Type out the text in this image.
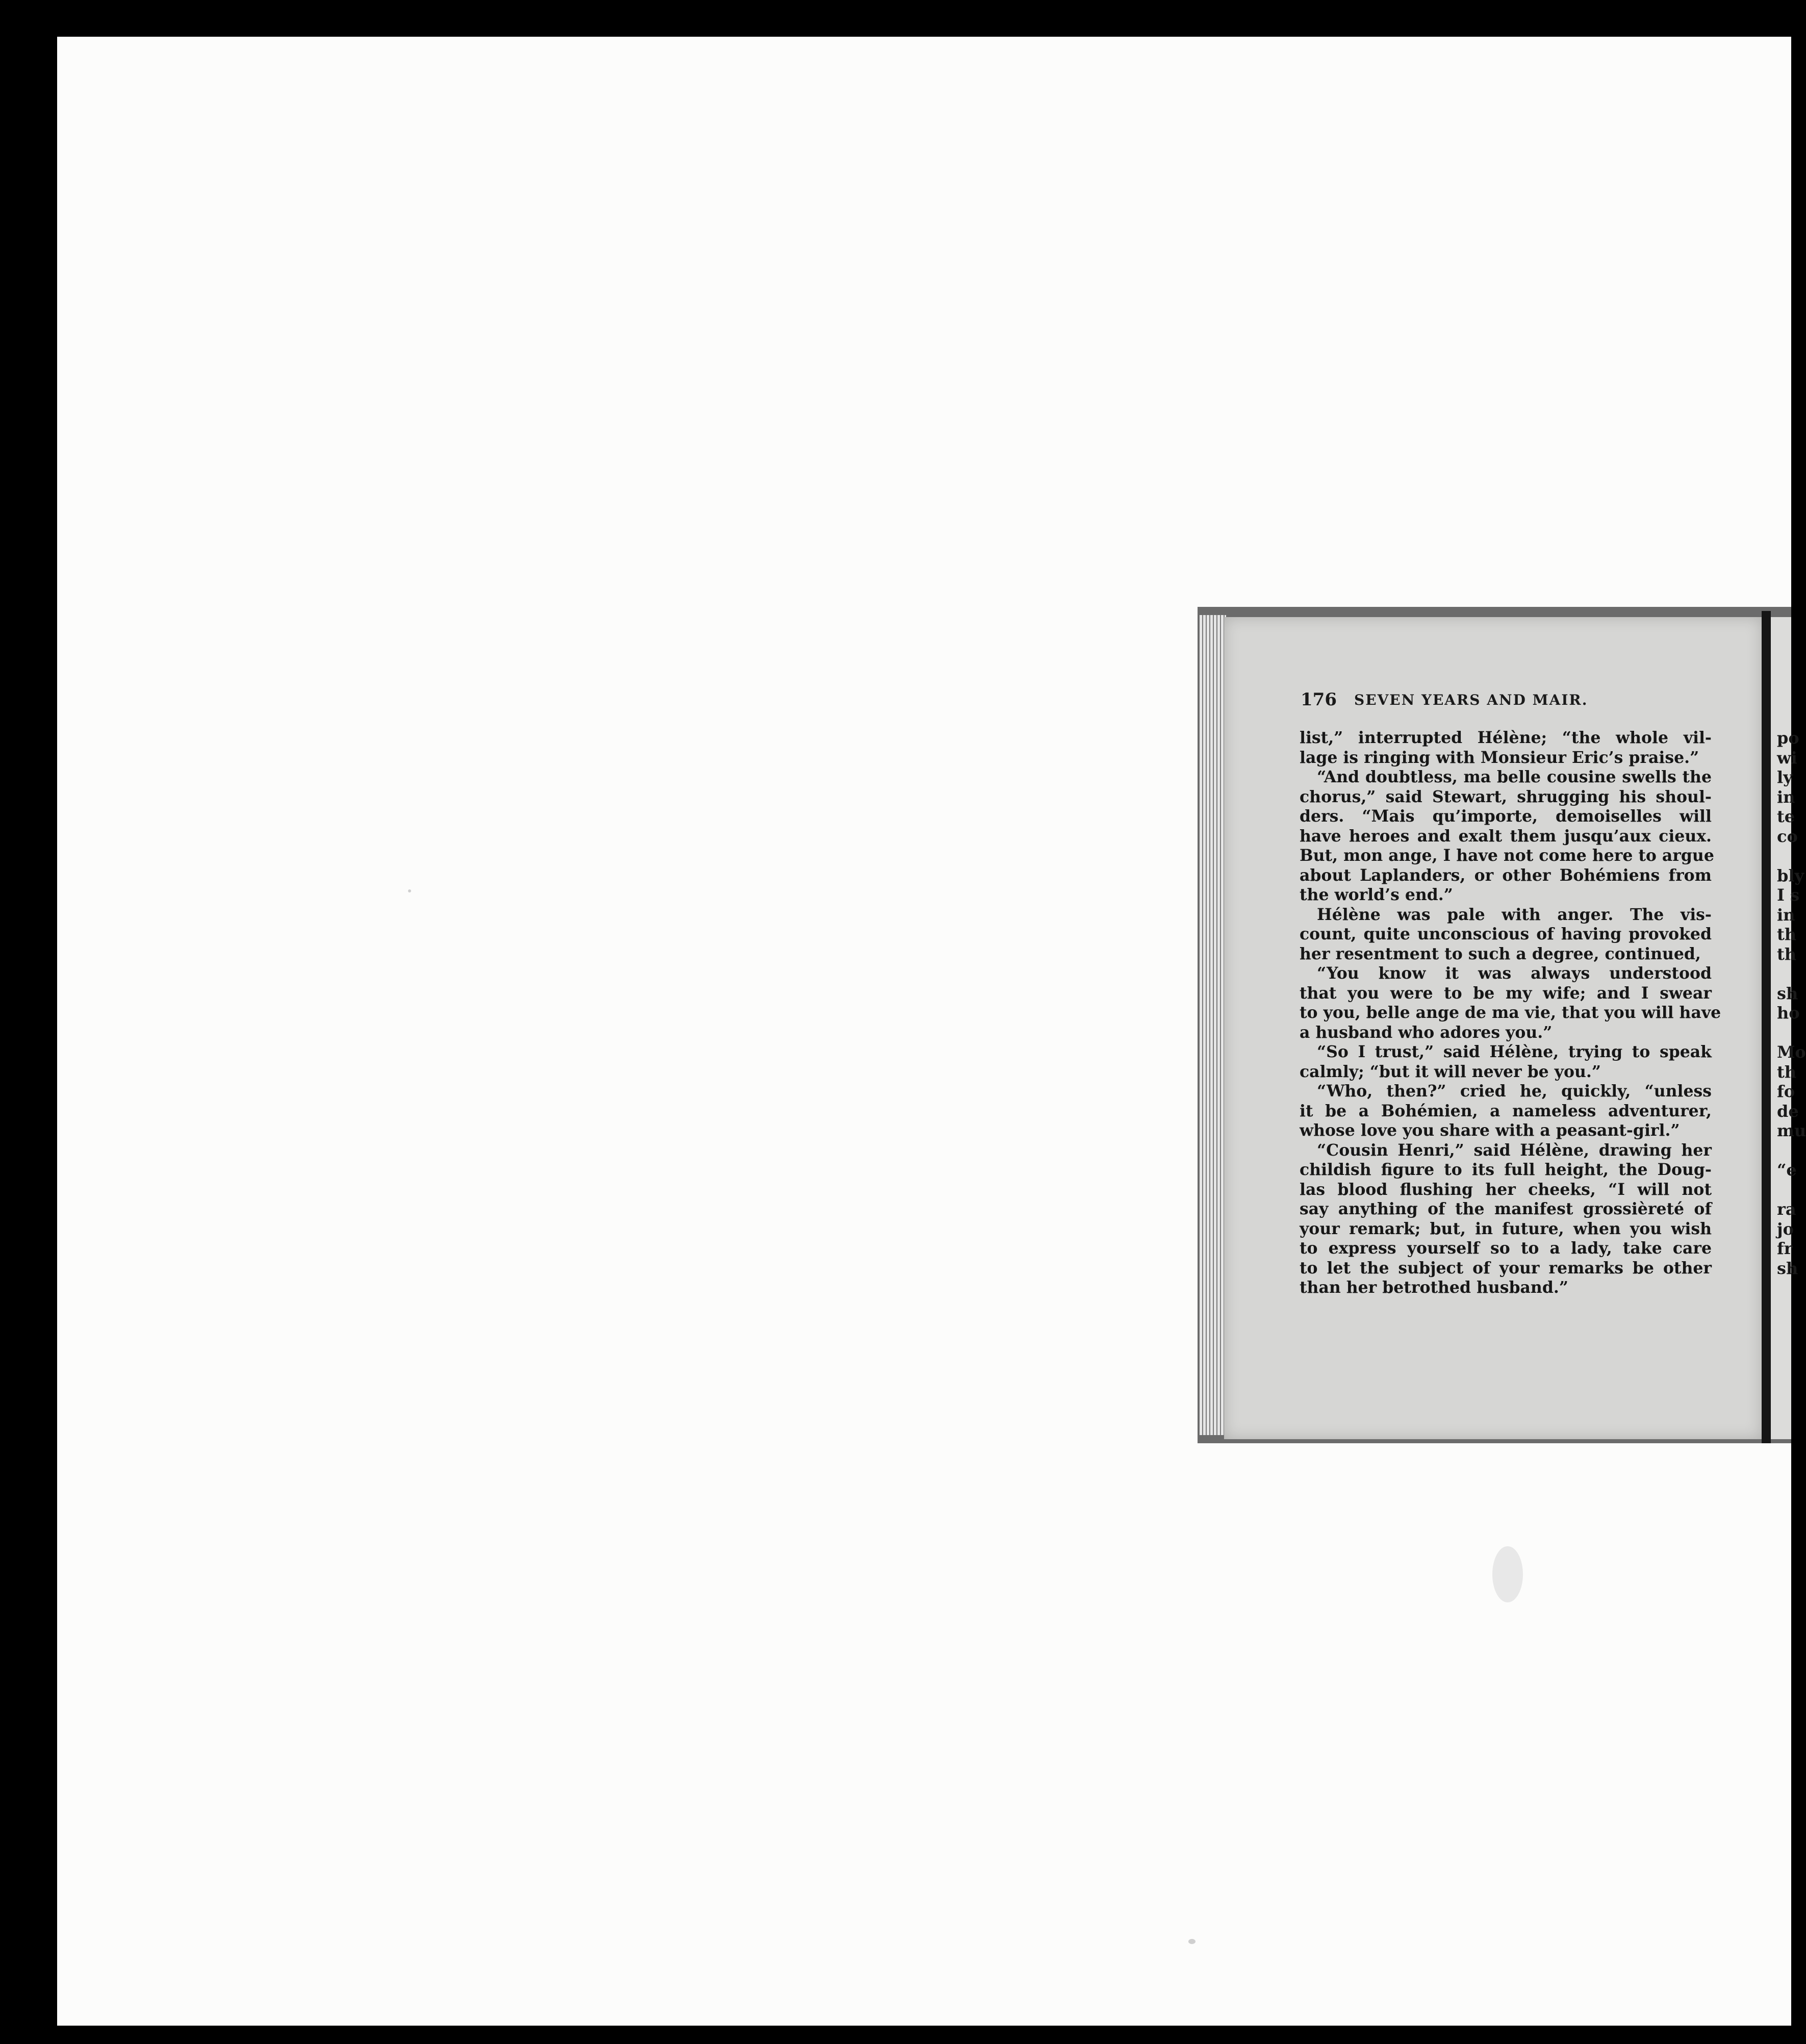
176 SEVEN YEARS AND MAIR.
list,” interrupted Hélène; “the whole vil-
lage is ringing with Monsieur Eric’s praise.”
“And doubtless, ma belle cousine swells the
chorus,” said Stewart, shrugging his shoul-
ders. “Mais qu’importe, demoiselles will
have heroes and exalt them jusqu’aux cieux.
But, mon ange, I have not come here to argue
about Laplanders, or other Bohémiens from
the world’s end.”
Hélène was pale with anger. The vis-
count, quite unconscious of having provoked
her resentment to such a degree, continued,
“You know it was always understood
that you were to be my wife; and I swear
to you, belle ange de ma vie, that you will have
a husband who adores you.”
“So I trust,” said Hélène, trying to speak
calmly; “but it will never be you.”
“Who, then?” cried he, quickly, “unless
it be a Bohémien, a nameless adventurer,
whose love you share with a peasant-girl.”
“Cousin Henri,” said Hélène, drawing her
childish figure to its full height, the Doug-
las blood flushing her cheeks, “I will not
say anything of the manifest grossièreté of
your remark; but, in future, when you wish
to express yourself so to a lady, take care
to let the subject of your remarks be other
than her betrothed husband.”
po
wi
ly
in
te
co

bly
I s
in
th
th

sh
ho

Mo
th
fo
de
mu

“e

ra
jo
fr
sh
